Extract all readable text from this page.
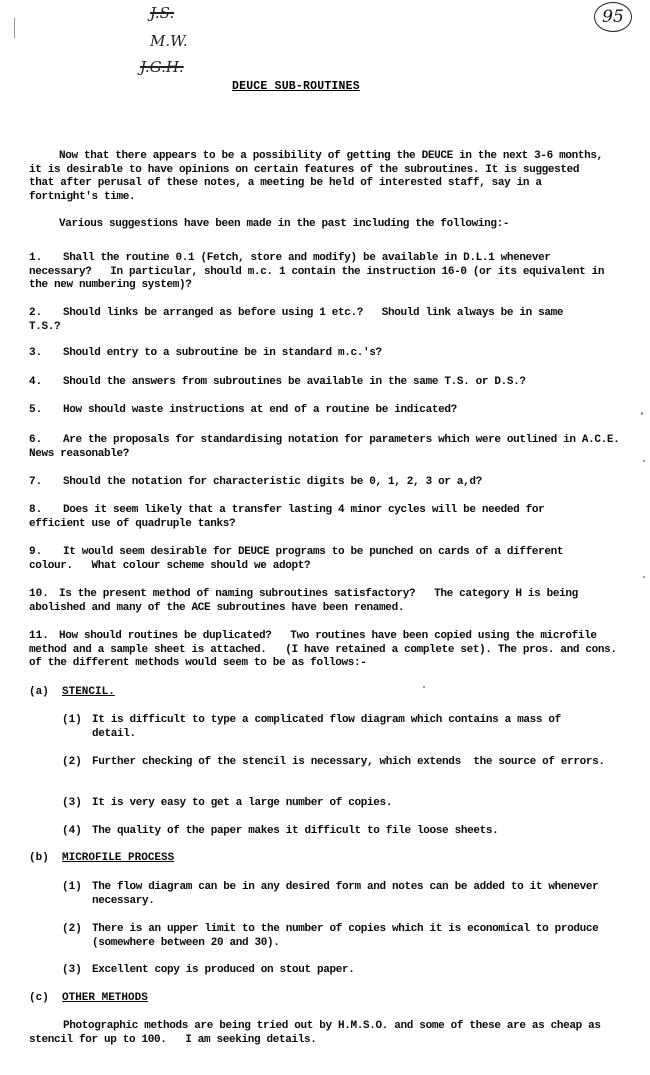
J.S.
M.W.
J.G.H.
95
DEUCE SUB-ROUTINES
Now that there appears to be a possibility of getting the DEUCE in the next 3-6 months, it is desirable to have opinions on certain features of the subroutines. It is suggested that after perusal of these notes, a meeting be held of interested staff, say in a fortnight's time.
Various suggestions have been made in the past including the following:-
1.	Shall the routine 0.1 (Fetch, store and modify) be available in D.L.1 whenever necessary?   In particular, should m.c. 1 contain the instruction 16-0 (or its equivalent in the new numbering system)?
2.	Should links be arranged as before using 1 etc.?   Should link always be in same T.S.?
3. Should entry to a subroutine be in standard m.c.'s?
4. Should the answers from subroutines be available in the same T.S. or D.S.?
5. How should waste instructions at end of a routine be indicated?
6.	Are the proposals for standardising notation for parameters which were outlined in A.C.E. News reasonable?
7. Should the notation for characteristic digits be 0, 1, 2, 3 or a,d?
8.	Does it seem likely that a transfer lasting 4 minor cycles will be needed for efficient use of quadruple tanks?
9.	It would seem desirable for DEUCE programs to be punched on cards of a different colour.   What colour scheme should we adopt?
10. Is the present method of naming subroutines satisfactory?   The category H is being abolished and many of the ACE subroutines have been renamed.
11. How should routines be duplicated?   Two routines have been copied using the microfile method and a sample sheet is attached.   (I have retained a complete set). The pros. and cons. of the different methods would seem to be as follows:-
(a) STENCIL.
(1) It is difficult to type a complicated flow diagram which contains a mass of detail.
(2) Further checking of the stencil is necessary, which extends  the source of errors.
(3) It is very easy to get a large number of copies.
(4) The quality of the paper makes it difficult to file loose sheets.
(b) MICROFILE PROCESS
(1) The flow diagram can be in any desired form and notes can be added to it whenever necessary.
(2) There is an upper limit to the number of copies which it is economical to produce (somewhere between 20 and 30).
(3) Excellent copy is produced on stout paper.
(c) OTHER METHODS
Photographic methods are being tried out by H.M.S.O. and some of these are as cheap as stencil for up to 100.   I am seeking details.
